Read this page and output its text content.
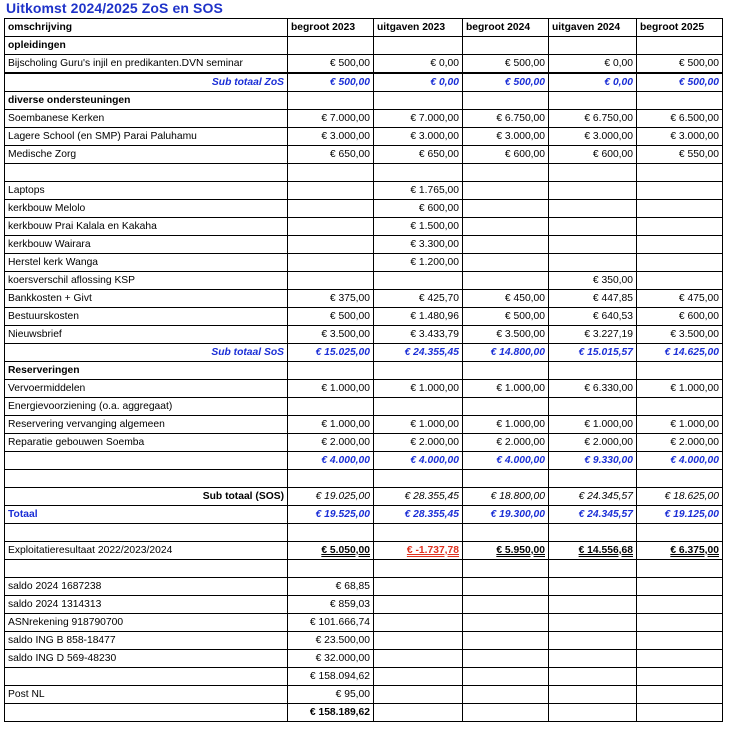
Uitkomst 2024/2025 ZoS en SOS
omschrijving	begroot 2023	uitgaven 2023	begroot 2024	uitgaven 2024	begroot 2025
opleidingen					
Bijscholing Guru's injil en predikanten.DVN seminar	€ 500,00	€ 0,00	€ 500,00	€ 0,00	€ 500,00
Sub totaal ZoS	€ 500,00	€ 0,00	€ 500,00	€ 0,00	€ 500,00
diverse ondersteuningen					
Soembanese Kerken	€ 7.000,00	€ 7.000,00	€ 6.750,00	€ 6.750,00	€ 6.500,00
Lagere School (en SMP) Parai Paluhamu	€ 3.000,00	€ 3.000,00	€ 3.000,00	€ 3.000,00	€ 3.000,00
Medische Zorg	€ 650,00	€ 650,00	€ 600,00	€ 600,00	€ 550,00

Laptops		€ 1.765,00			
kerkbouw Melolo		€ 600,00			
kerkbouw Prai Kalala en Kakaha		€ 1.500,00			
kerkbouw Wairara		€ 3.300,00			
Herstel kerk Wanga		€ 1.200,00			
koersverschil aflossing KSP				€ 350,00	
Bankkosten + Givt	€ 375,00	€ 425,70	€ 450,00	€ 447,85	€ 475,00
Bestuurskosten	€ 500,00	€ 1.480,96	€ 500,00	€ 640,53	€ 600,00
Nieuwsbrief	€ 3.500,00	€ 3.433,79	€ 3.500,00	€ 3.227,19	€ 3.500,00
Sub totaal SoS	€ 15.025,00	€ 24.355,45	€ 14.800,00	€ 15.015,57	€ 14.625,00
Reserveringen					
Vervoermiddelen	€ 1.000,00	€ 1.000,00	€ 1.000,00	€ 6.330,00	€ 1.000,00
Energievoorziening (o.a. aggregaat)					
Reservering vervanging algemeen	€ 1.000,00	€ 1.000,00	€ 1.000,00	€ 1.000,00	€ 1.000,00
Reparatie gebouwen Soemba	€ 2.000,00	€ 2.000,00	€ 2.000,00	€ 2.000,00	€ 2.000,00
	€ 4.000,00	€ 4.000,00	€ 4.000,00	€ 9.330,00	€ 4.000,00

Sub totaal (SOS)	€ 19.025,00	€ 28.355,45	€ 18.800,00	€ 24.345,57	€ 18.625,00
Totaal	€ 19.525,00	€ 28.355,45	€ 19.300,00	€ 24.345,57	€ 19.125,00

Exploitatieresultaat 2022/2023/2024	€ 5.050,00	€ -1.737,78	€ 5.950,00	€ 14.556,68	€ 6.375,00

saldo 2024 1687238	€ 68,85				
saldo 2024 1314313	€ 859,03				
ASNrekening 918790700	€ 101.666,74				
saldo ING B 858-18477	€ 23.500,00				
saldo ING D 569-48230	€ 32.000,00				
	€ 158.094,62				
Post NL	€ 95,00				
	€ 158.189,62				
